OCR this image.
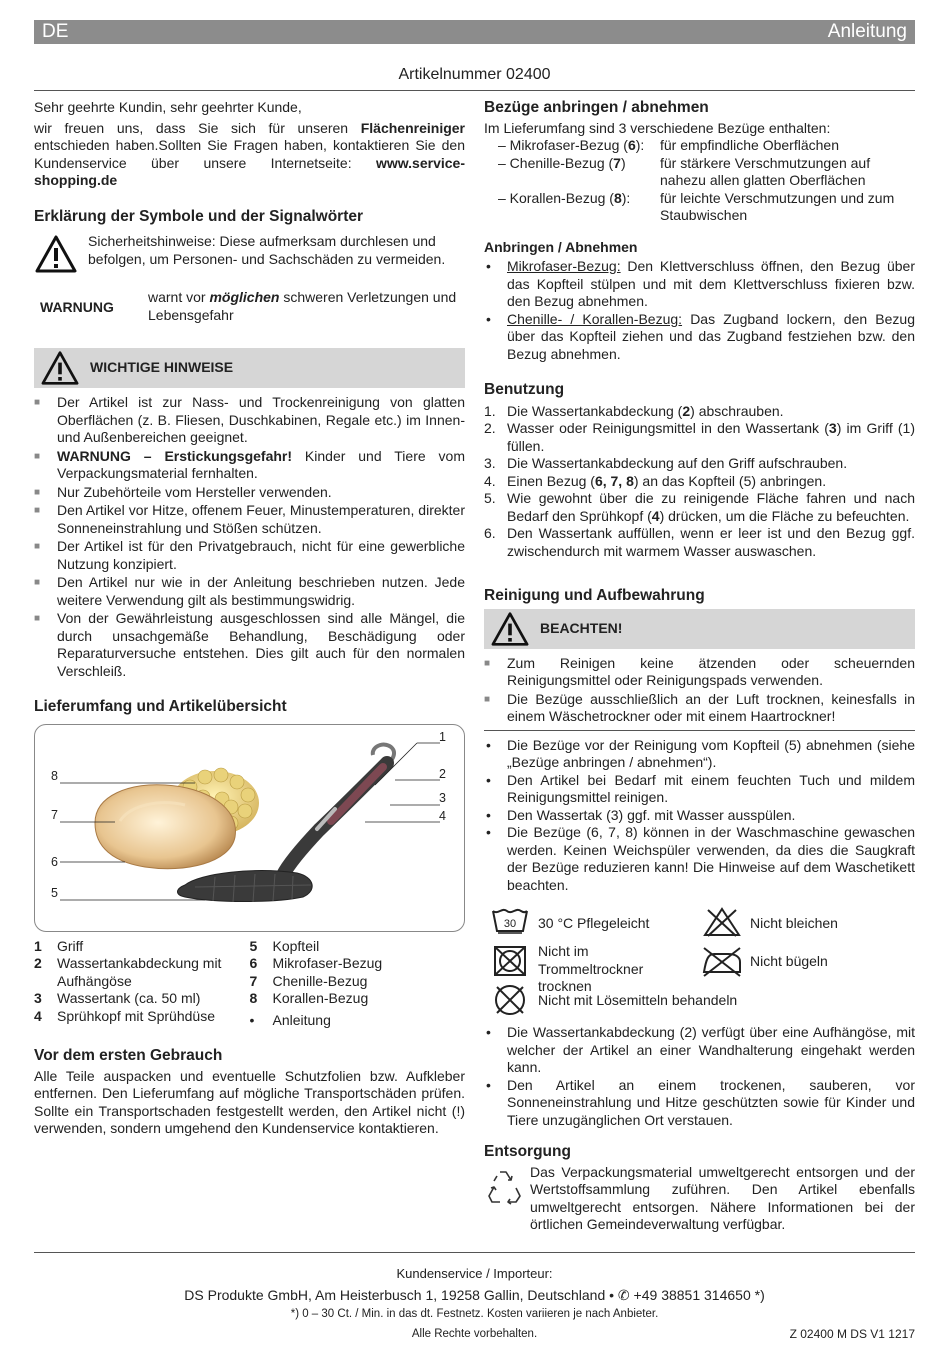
DE	Anleitung
Artikelnummer 02400

Sehr geehrte Kundin, sehr geehrter Kunde,

wir freuen uns, dass Sie sich für unseren Flächenreiniger entschieden haben.Sollten Sie Fragen haben, kontaktieren Sie den Kundenservice über unsere Internetseite: www.service-shopping.de

Erklärung der Symbole und der Signalwörter

Sicherheitshinweise: Diese aufmerksam durchlesen und befolgen, um Personen- und Sachschäden zu vermeiden.

WARNUNG

warnt vor möglichen schweren Verletzungen und Lebensgefahr

WICHTIGE HINWEISE
■ Der Artikel ist zur Nass- und Trockenreinigung von glatten Oberflächen (z. B. Fliesen, Duschkabinen, Regale etc.) im Innen- und Außenbereichen geeignet.
■ WARNUNG – Erstickungsgefahr! Kinder und Tiere vom Verpackungsmaterial fernhalten.
■ Nur Zubehörteile vom Hersteller verwenden.
■ Den Artikel vor Hitze, offenem Feuer, Minustemperaturen, direkter Sonneneinstrahlung und Stößen schützen.
■ Der Artikel ist für den Privatgebrauch, nicht für eine gewerbliche Nutzung konzipiert.
■ Den Artikel nur wie in der Anleitung beschrieben nutzen. Jede weitere Verwendung gilt als bestimmungswidrig.
■ Von der Gewährleistung ausgeschlossen sind alle Mängel, die durch unsachgemäße Behandlung, Beschädigung oder Reparaturversuche entstehen. Dies gilt auch für den normalen Verschleiß.
Lieferumfang und Artikelübersicht
1
2
3
4
5
6
7
8
1	Griff
2	Wassertankabdeckung mit Aufhängöse
3	Wassertank (ca. 50 ml)
4	Sprühkopf mit Sprühdüse
5	Kopfteil
6	Mikrofaser-Bezug
7	Chenille-Bezug
8	Korallen-Bezug
•	Anleitung
Vor dem ersten Gebrauch

Alle Teile auspacken und eventuelle Schutzfolien bzw. Aufkleber entfernen. Den Lieferumfang auf mögliche Transportschäden prüfen. Sollte ein Transportschaden festgestellt werden, den Artikel nicht (!) verwenden, sondern umgehend den Kundenservice kontaktieren.

Bezüge anbringen / abnehmen

Im Lieferumfang sind 3 verschiedene Bezüge enthalten:

– Mikrofaser-Bezug (6):	für empfindliche Oberflächen
– Chenille-Bezug (7)	für stärkere Verschmutzungen auf nahezu allen glatten Oberflächen
– Korallen-Bezug (8):	für leichte Verschmutzungen und zum Staubwischen
Anbringen / Abnehmen
• Mikrofaser-Bezug: Den Klettverschluss öffnen, den Bezug über das Kopfteil stülpen und mit dem Klettverschluss fixieren bzw. den Bezug abnehmen.
• Chenille- / Korallen-Bezug: Das Zugband lockern, den Bezug über das Kopfteil ziehen und das Zugband festziehen bzw. den Bezug abnehmen.
Benutzung
1. Die Wassertankabdeckung (2) abschrauben.
2. Wasser oder Reinigungsmittel in den Wassertank (3) im Griff (1) füllen.
3. Die Wassertankabdeckung auf den Griff aufschrauben.
4. Einen Bezug (6, 7, 8) an das Kopfteil (5) anbringen.
5. Wie gewohnt über die zu reinigende Fläche fahren und nach Bedarf den Sprühkopf (4) drücken, um die Fläche zu befeuchten.
6. Den Wassertank auffüllen, wenn er leer ist und den Bezug ggf. zwischendurch mit warmem Wasser auswaschen.
Reinigung und Aufbewahrung
BEACHTEN!
■ Zum Reinigen keine ätzenden oder scheuernden Reinigungsmittel oder Reinigungspads verwenden.
■ Die Bezüge ausschließlich an der Luft trocknen, keinesfalls in einem Wäschetrockner oder mit einem Haartrockner!
• Die Bezüge vor der Reinigung vom Kopfteil (5) abnehmen (siehe „Bezüge anbringen / abnehmen“).
• Den Artikel bei Bedarf mit einem feuchten Tuch und mildem Reinigungsmittel reinigen.
• Den Wassertak (3) ggf. mit Wasser ausspülen.
• Die Bezüge (6, 7, 8) können in der Waschmaschine gewaschen werden. Keinen Weichspüler verwenden, da dies die Saugkraft der Bezüge reduzieren kann! Die Hinweise auf dem Waschetikett beachten.
30 30 °C Pflegeleicht	Nicht bleichen
Nicht im Trommeltrockner trocknen
Nicht bügeln
Nicht mit Lösemitteln behandeln
• Die Wassertankabdeckung (2) verfügt über eine Aufhängöse, mit welcher der Artikel an einer Wandhalterung eingehakt werden kann.
• Den Artikel an einem trockenen, sauberen, vor Sonneneinstrahlung und Hitze geschützten sowie für Kinder und Tiere unzugänglichen Ort verstauen.
Entsorgung

Das Verpackungsmaterial umweltgerecht entsorgen und der Wertstoffsammlung zuführen. Den Artikel ebenfalls umweltgerecht entsorgen. Nähere Informationen bei der örtlichen Gemeindeverwaltung verfügbar.

Kundenservice / Importeur:
DS Produkte GmbH, Am Heisterbusch 1, 19258 Gallin, Deutschland • ✆ +49 38851 314650 *)
*) 0 – 30 Ct. / Min. in das dt. Festnetz. Kosten variieren je nach Anbieter.
Alle Rechte vorbehalten.	Z 02400 M DS V1 1217
